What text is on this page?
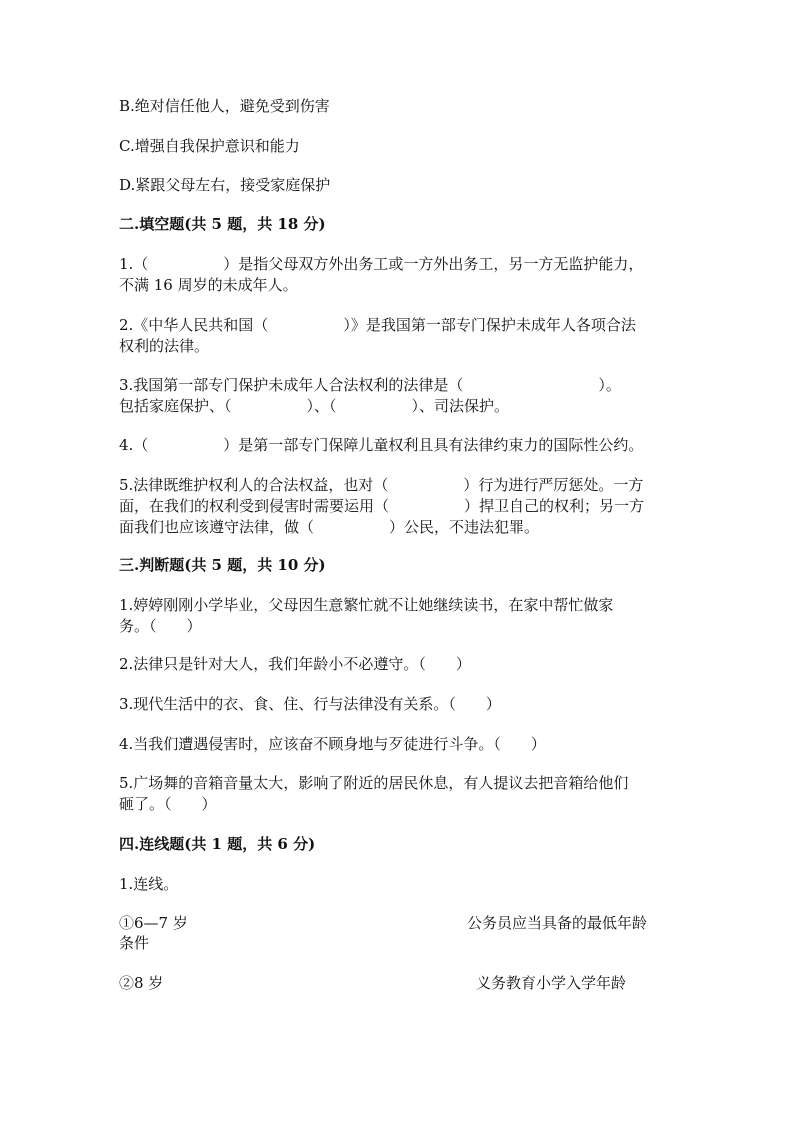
B.绝对信任他人，避免受到伤害
C.增强自我保护意识和能力
D.紧跟父母左右，接受家庭保护
二.填空题(共 5 题，共 18 分)
1.（　　　　　）是指父母双方外出务工或一方外出务工，另一方无监护能力，
不满 16 周岁的未成年人。
2.《中华人民共和国（　　　　　）》是我国第一部专门保护未成年人各项合法
权利的法律。
3.我国第一部专门保护未成年人合法权利的法律是（　　　　　　　　　）。
包括家庭保护、（　　　　　）、（　　　　　）、司法保护。
4.（　　　　　）是第一部专门保障儿童权利且具有法律约束力的国际性公约。
5.法律既维护权利人的合法权益，也对（　　　　　）行为进行严厉惩处。一方
面，在我们的权利受到侵害时需要运用（　　　　　）捍卫自己的权利；另一方
面我们也应该遵守法律，做（　　　　　）公民，不违法犯罪。
三.判断题(共 5 题，共 10 分)
1.婷婷刚刚小学毕业，父母因生意繁忙就不让她继续读书，在家中帮忙做家
务。（　　）
2.法律只是针对大人，我们年龄小不必遵守。（　　）
3.现代生活中的衣、食、住、行与法律没有关系。（　　）
4.当我们遭遇侵害时，应该奋不顾身地与歹徒进行斗争。（　　）
5.广场舞的音箱音量太大，影响了附近的居民休息，有人提议去把音箱给他们
砸了。（　　）
四.连线题(共 1 题，共 6 分)
1.连线。
①6—7 岁	公务员应当具备的最低年龄
条件
②8 岁	义务教育小学入学年龄
